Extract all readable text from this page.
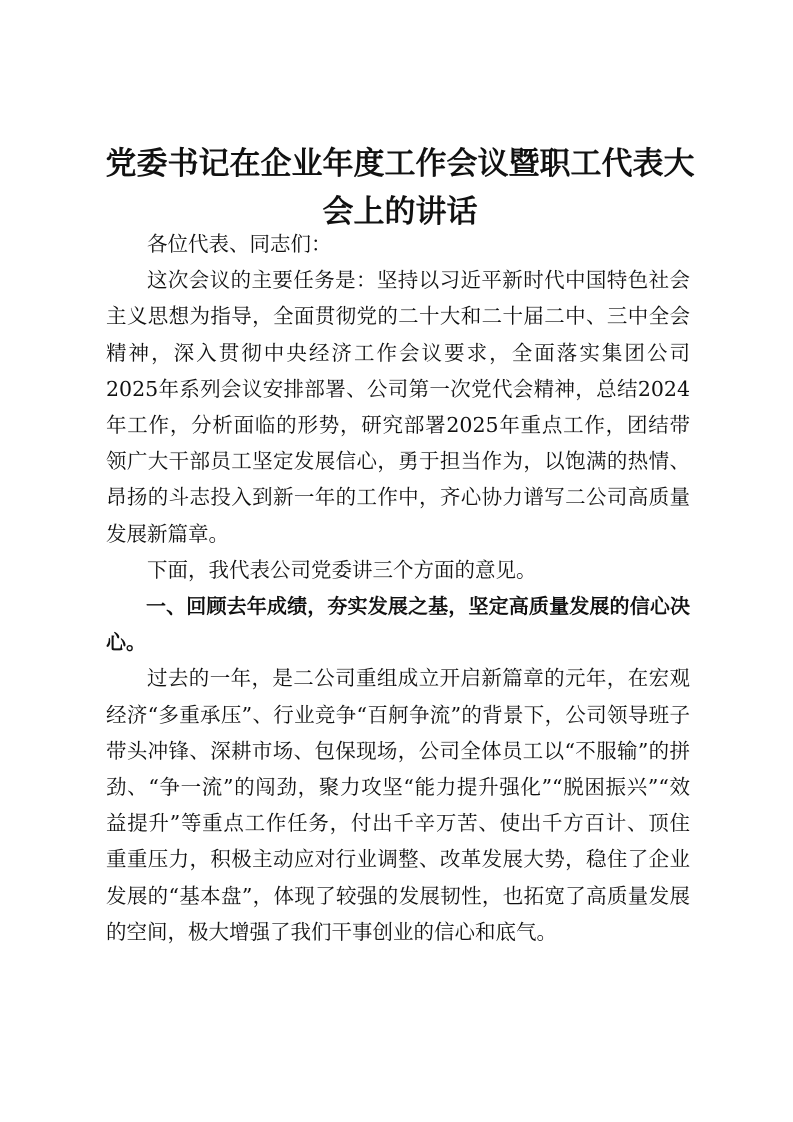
党委书记在企业年度工作会议暨职工代表大会上的讲话

各位代表、同志们：

这次会议的主要任务是：坚持以习近平新时代中国特色社会主义思想为指导，全面贯彻党的二十大和二十届二中、三中全会精神，深入贯彻中央经济工作会议要求，全面落实集团公司2025年系列会议安排部署、公司第一次党代会精神，总结2024年工作，分析面临的形势，研究部署2025年重点工作，团结带领广大干部员工坚定发展信心，勇于担当作为，以饱满的热情、昂扬的斗志投入到新一年的工作中，齐心协力谱写二公司高质量发展新篇章。

下面，我代表公司党委讲三个方面的意见。

一、回顾去年成绩，夯实发展之基，坚定高质量发展的信心决心。

过去的一年，是二公司重组成立开启新篇章的元年，在宏观经济“多重承压”、行业竞争“百舸争流”的背景下，公司领导班子带头冲锋、深耕市场、包保现场，公司全体员工以“不服输”的拼劲、“争一流”的闯劲，聚力攻坚“能力提升强化”“脱困振兴”“效益提升”等重点工作任务，付出千辛万苦、使出千方百计、顶住重重压力，积极主动应对行业调整、改革发展大势，稳住了企业发展的“基本盘”，体现了较强的发展韧性，也拓宽了高质量发展的空间，极大增强了我们干事创业的信心和底气。
